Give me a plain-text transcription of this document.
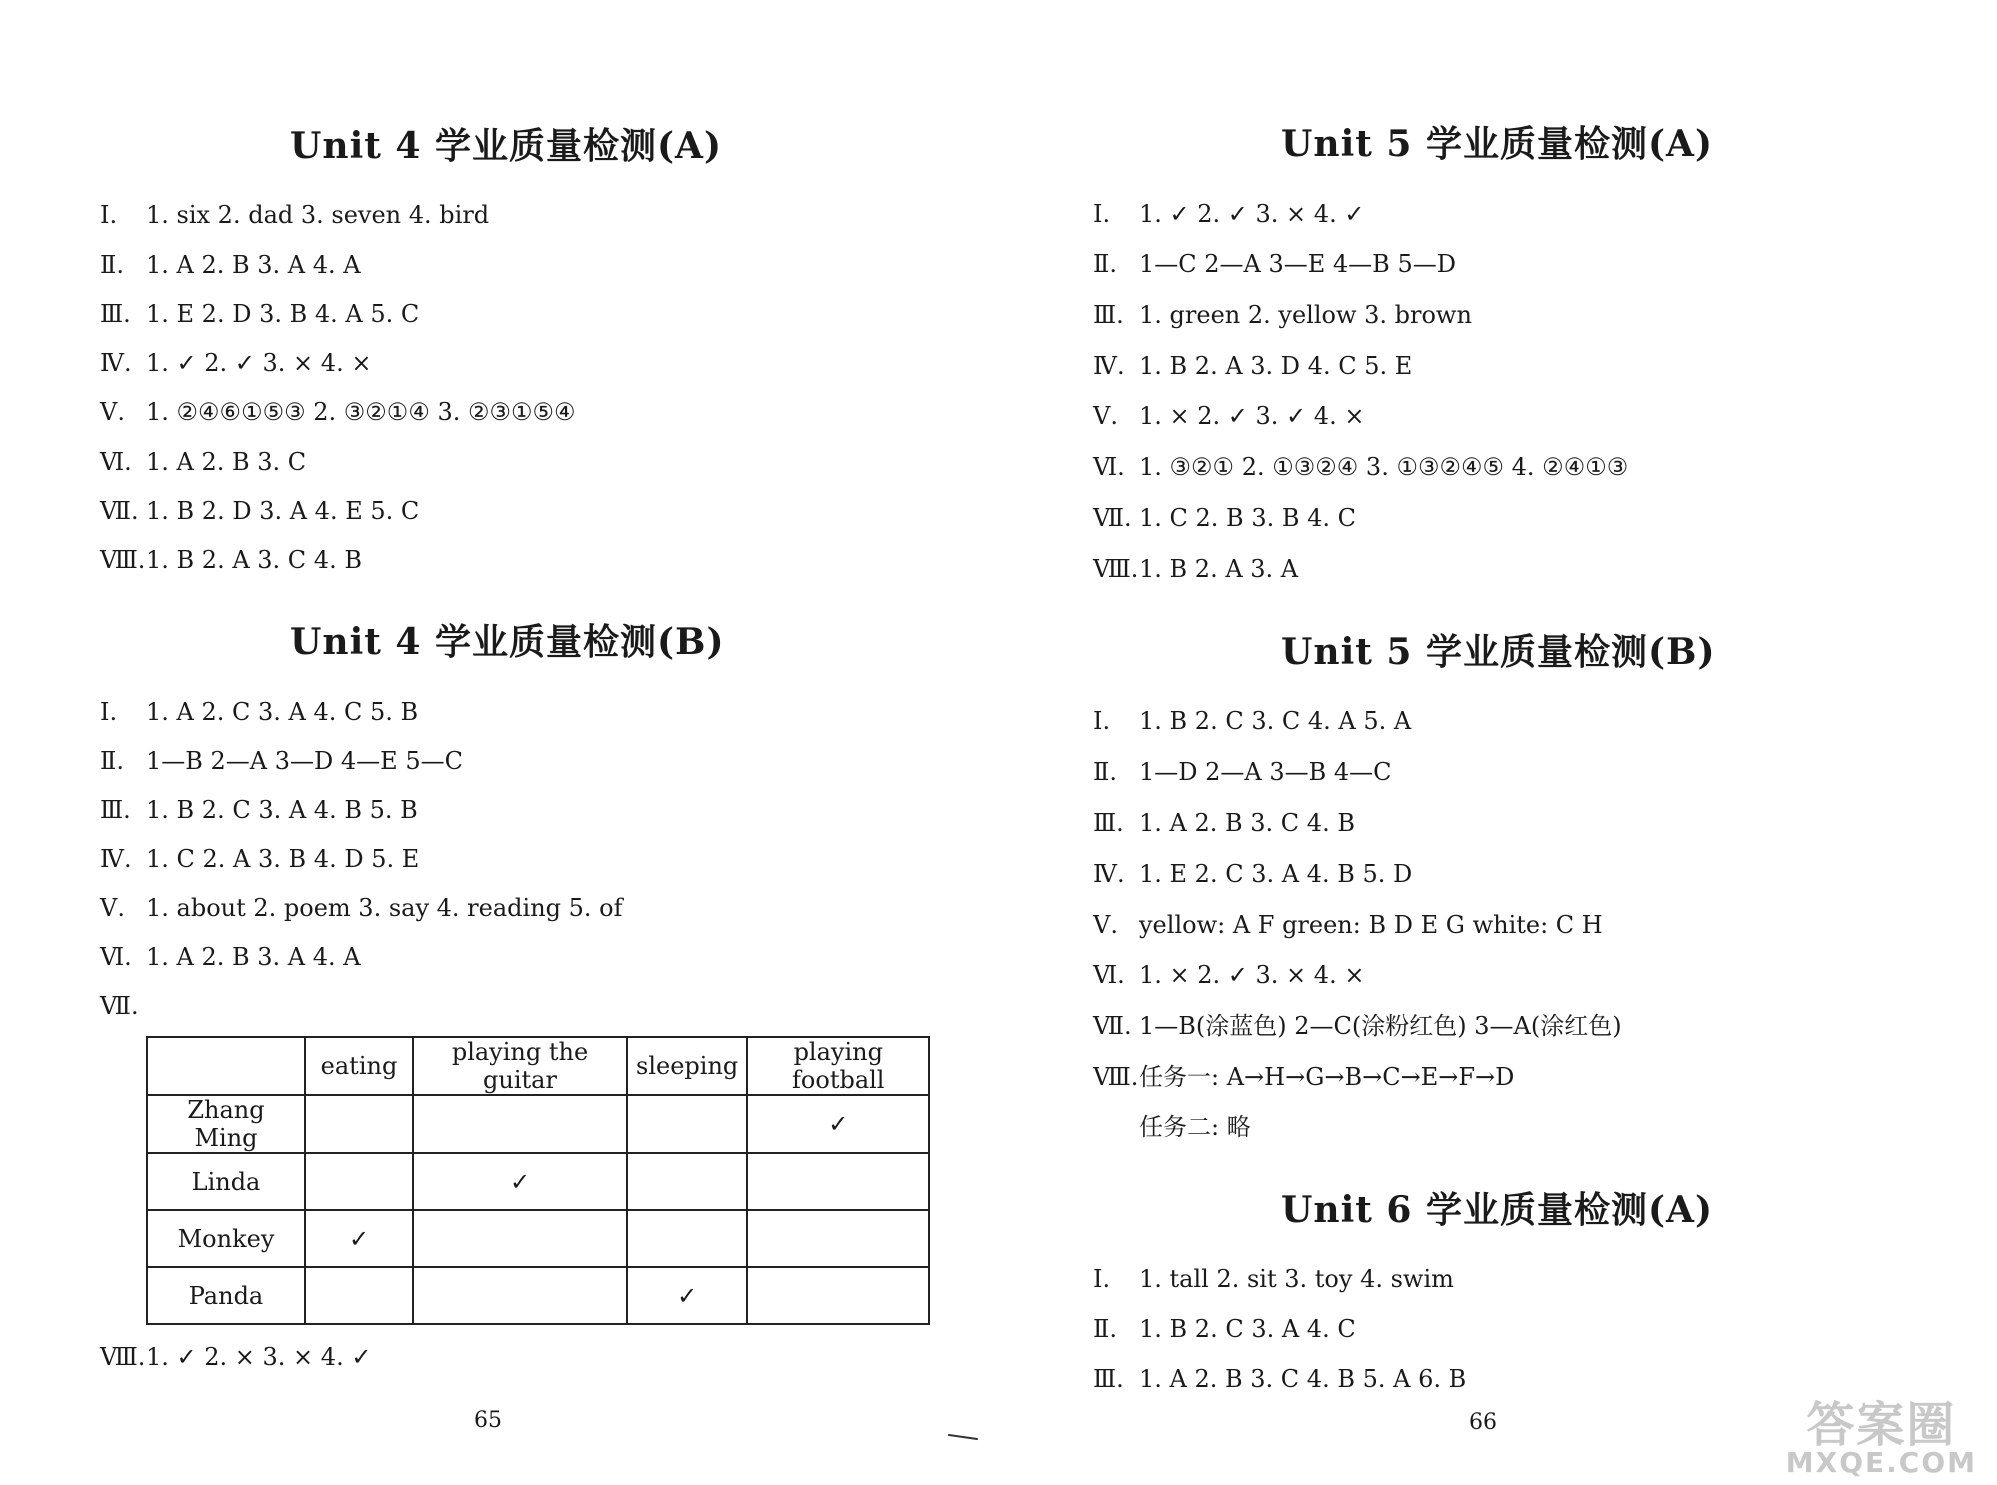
Unit 4 学业质量检测(A)
Ⅰ. 1. six 2. dad 3. seven 4. bird
Ⅱ. 1. A 2. B 3. A 4. A
Ⅲ. 1. E 2. D 3. B 4. A 5. C
Ⅳ. 1. ✓ 2. ✓ 3. × 4. ×
Ⅴ. 1. ②④⑥①⑤③ 2. ③②①④ 3. ②③①⑤④
Ⅵ. 1. A 2. B 3. C
Ⅶ. 1. B 2. D 3. A 4. E 5. C
Ⅷ.1. B 2. A 3. C 4. B
Unit 4 学业质量检测(B)
Ⅰ. 1. A 2. C 3. A 4. C 5. B
Ⅱ. 1—B 2—A 3—D 4—E 5—C
Ⅲ. 1. B 2. C 3. A 4. B 5. B
Ⅳ. 1. C 2. A 3. B 4. D 5. E
Ⅴ. 1. about 2. poem 3. say 4. reading 5. of
Ⅵ. 1. A 2. B 3. A 4. A
Ⅶ.
	eating	playing the guitar	sleeping	playing football
Zhang Ming				✓
Linda		✓		
Monkey	✓			
Panda			✓	
Ⅷ.1. ✓ 2. × 3. × 4. ✓
65
Unit 5 学业质量检测(A)
Ⅰ. 1. ✓ 2. ✓ 3. × 4. ✓
Ⅱ. 1—C 2—A 3—E 4—B 5—D
Ⅲ. 1. green 2. yellow 3. brown
Ⅳ. 1. B 2. A 3. D 4. C 5. E
Ⅴ. 1. × 2. ✓ 3. ✓ 4. ×
Ⅵ. 1. ③②① 2. ①③②④ 3. ①③②④⑤ 4. ②④①③
Ⅶ. 1. C 2. B 3. B 4. C
Ⅷ.1. B 2. A 3. A
Unit 5 学业质量检测(B)
Ⅰ. 1. B 2. C 3. C 4. A 5. A
Ⅱ. 1—D 2—A 3—B 4—C
Ⅲ. 1. A 2. B 3. C 4. B
Ⅳ. 1. E 2. C 3. A 4. B 5. D
Ⅴ. yellow: A F green: B D E G white: C H
Ⅵ. 1. × 2. ✓ 3. × 4. ×
Ⅶ. 1—B(涂蓝色) 2—C(涂粉红色) 3—A(涂红色)
Ⅷ.任务一: A→H→G→B→C→E→F→D
任务二: 略
Unit 6 学业质量检测(A)
Ⅰ. 1. tall 2. sit 3. toy 4. swim
Ⅱ. 1. B 2. C 3. A 4. C
Ⅲ. 1. A 2. B 3. C 4. B 5. A 6. B
66	答案圈
MXQE.COM
